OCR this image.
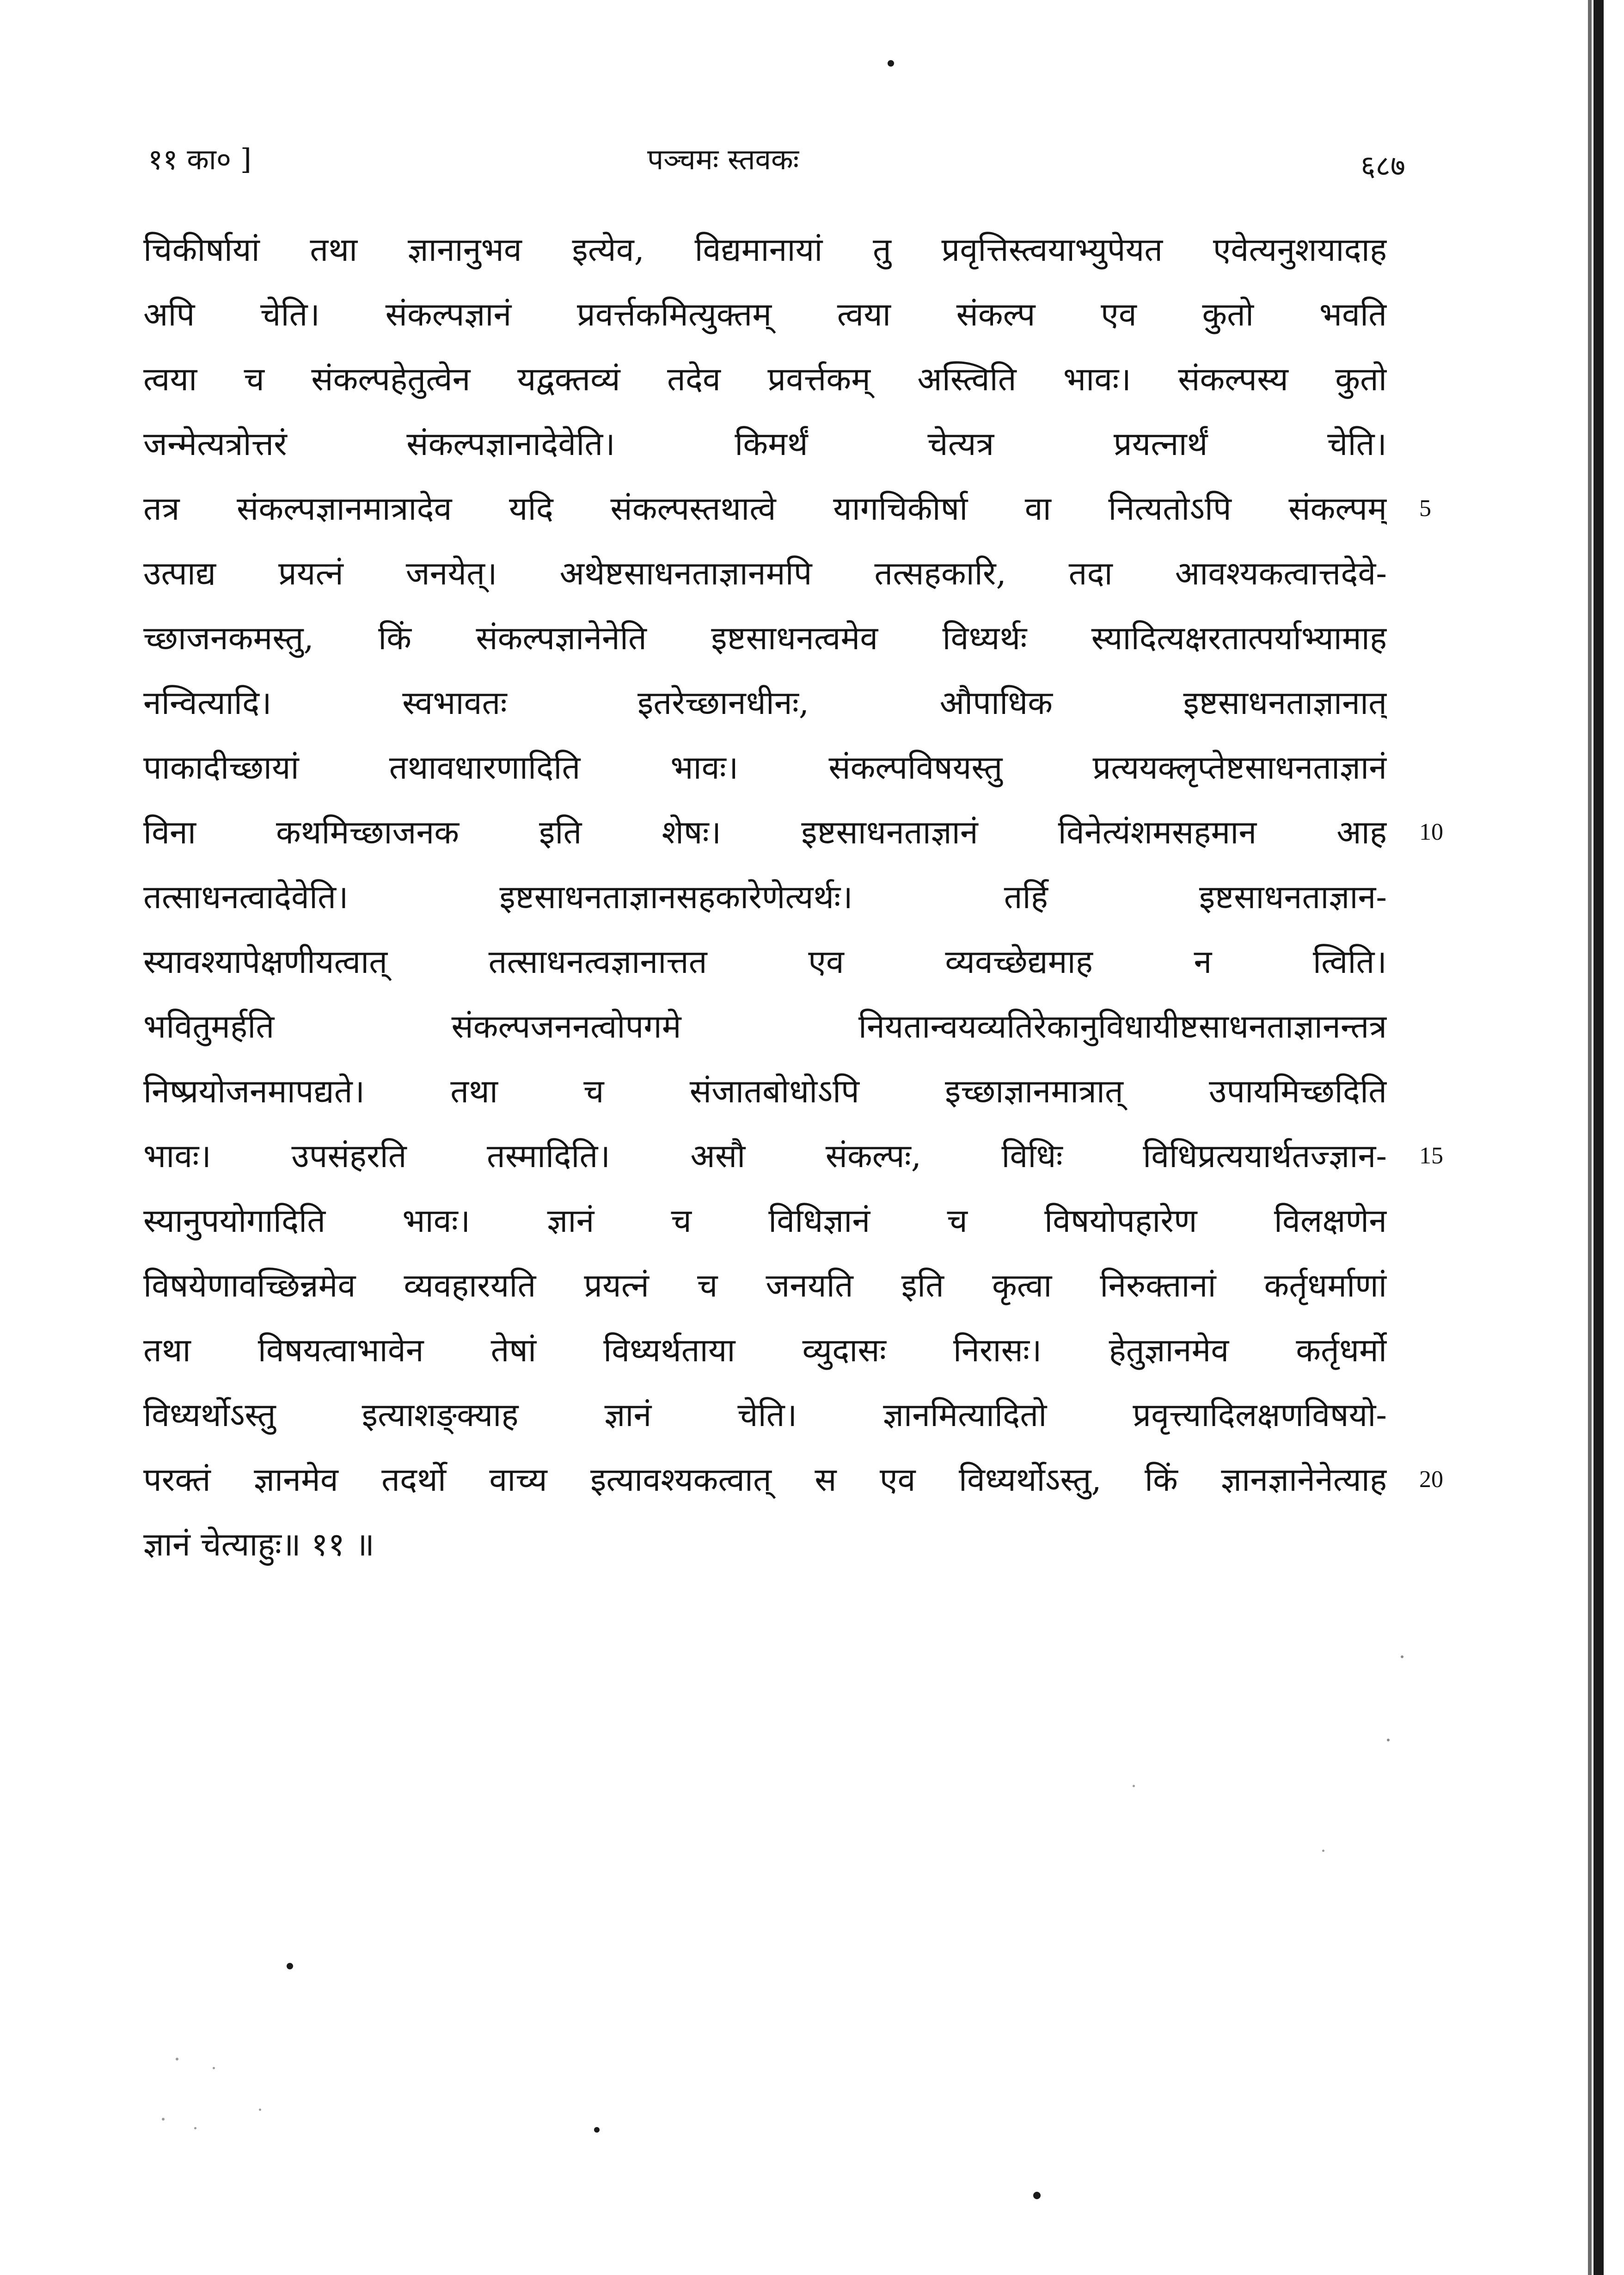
११ का० ]	पञ्चमः स्तवकः	६८७
चिकीर्षायां तथा ज्ञानानुभव इत्येव, विद्यमानायां तु प्रवृत्तिस्त्वयाभ्युपेयत एवेत्यनुशयादाह
अपि चेति। संकल्पज्ञानं प्रवर्त्तकमित्युक्तम् त्वया संकल्प एव कुतो भवति
त्वया च संकल्पहेतुत्वेन यद्वक्तव्यं तदेव प्रवर्त्तकम् अस्त्विति भावः। संकल्पस्य कुतो
जन्मेत्यत्रोत्तरं संकल्पज्ञानादेवेति। किमर्थं चेत्यत्र प्रयत्नार्थं चेति।
तत्र संकल्पज्ञानमात्रादेव यदि संकल्पस्तथात्वे यागचिकीर्षा वा नित्यतोऽपि संकल्पम्
उत्पाद्य प्रयत्नं जनयेत्। अथेष्टसाधनताज्ञानमपि तत्सहकारि, तदा आवश्यकत्वात्तदेवे-
च्छाजनकमस्तु, किं संकल्पज्ञानेनेति इष्टसाधनत्वमेव विध्यर्थः स्यादित्यक्षरतात्पर्याभ्यामाह
नन्वित्यादि। स्वभावतः इतरेच्छानधीनः, औपाधिक इष्टसाधनताज्ञानात्
पाकादीच्छायां तथावधारणादिति भावः। संकल्पविषयस्तु प्रत्ययक्लृप्तेष्टसाधनताज्ञानं
विना कथमिच्छाजनक इति शेषः। इष्टसाधनताज्ञानं विनेत्यंशमसहमान आह
तत्साधनत्वादेवेति। इष्टसाधनताज्ञानसहकारेणेत्यर्थः। तर्हि इष्टसाधनताज्ञान-
स्यावश्यापेक्षणीयत्वात् तत्साधनत्वज्ञानात्तत एव व्यवच्छेद्यमाह न त्विति।
भवितुमर्हति संकल्पजननत्वोपगमे नियतान्वयव्यतिरेकानुविधायीष्टसाधनताज्ञानन्तत्र
निष्प्रयोजनमापद्यते। तथा च संजातबोधोऽपि इच्छाज्ञानमात्रात् उपायमिच्छदिति
भावः। उपसंहरति तस्मादिति। असौ संकल्पः, विधिः विधिप्रत्ययार्थतज्ज्ञान-
स्यानुपयोगादिति भावः। ज्ञानं च विधिज्ञानं च विषयोपहारेण विलक्षणेन
विषयेणावच्छिन्नमेव व्यवहारयति प्रयत्नं च जनयति इति कृत्वा निरुक्तानां कर्तृधर्माणां
तथा विषयत्वाभावेन तेषां विध्यर्थताया व्युदासः निरासः। हेतुज्ञानमेव कर्तृधर्मो
विध्यर्थोऽस्तु इत्याशङ्क्याह ज्ञानं चेति। ज्ञानमित्यादितो प्रवृत्त्यादिलक्षणविषयो-
परक्तं ज्ञानमेव तदर्थो वाच्य इत्यावश्यकत्वात् स एव विध्यर्थोऽस्तु, किं ज्ञानज्ञानेनेत्याह
ज्ञानं चेत्याहुः॥ ११ ॥
5
10
15
20
